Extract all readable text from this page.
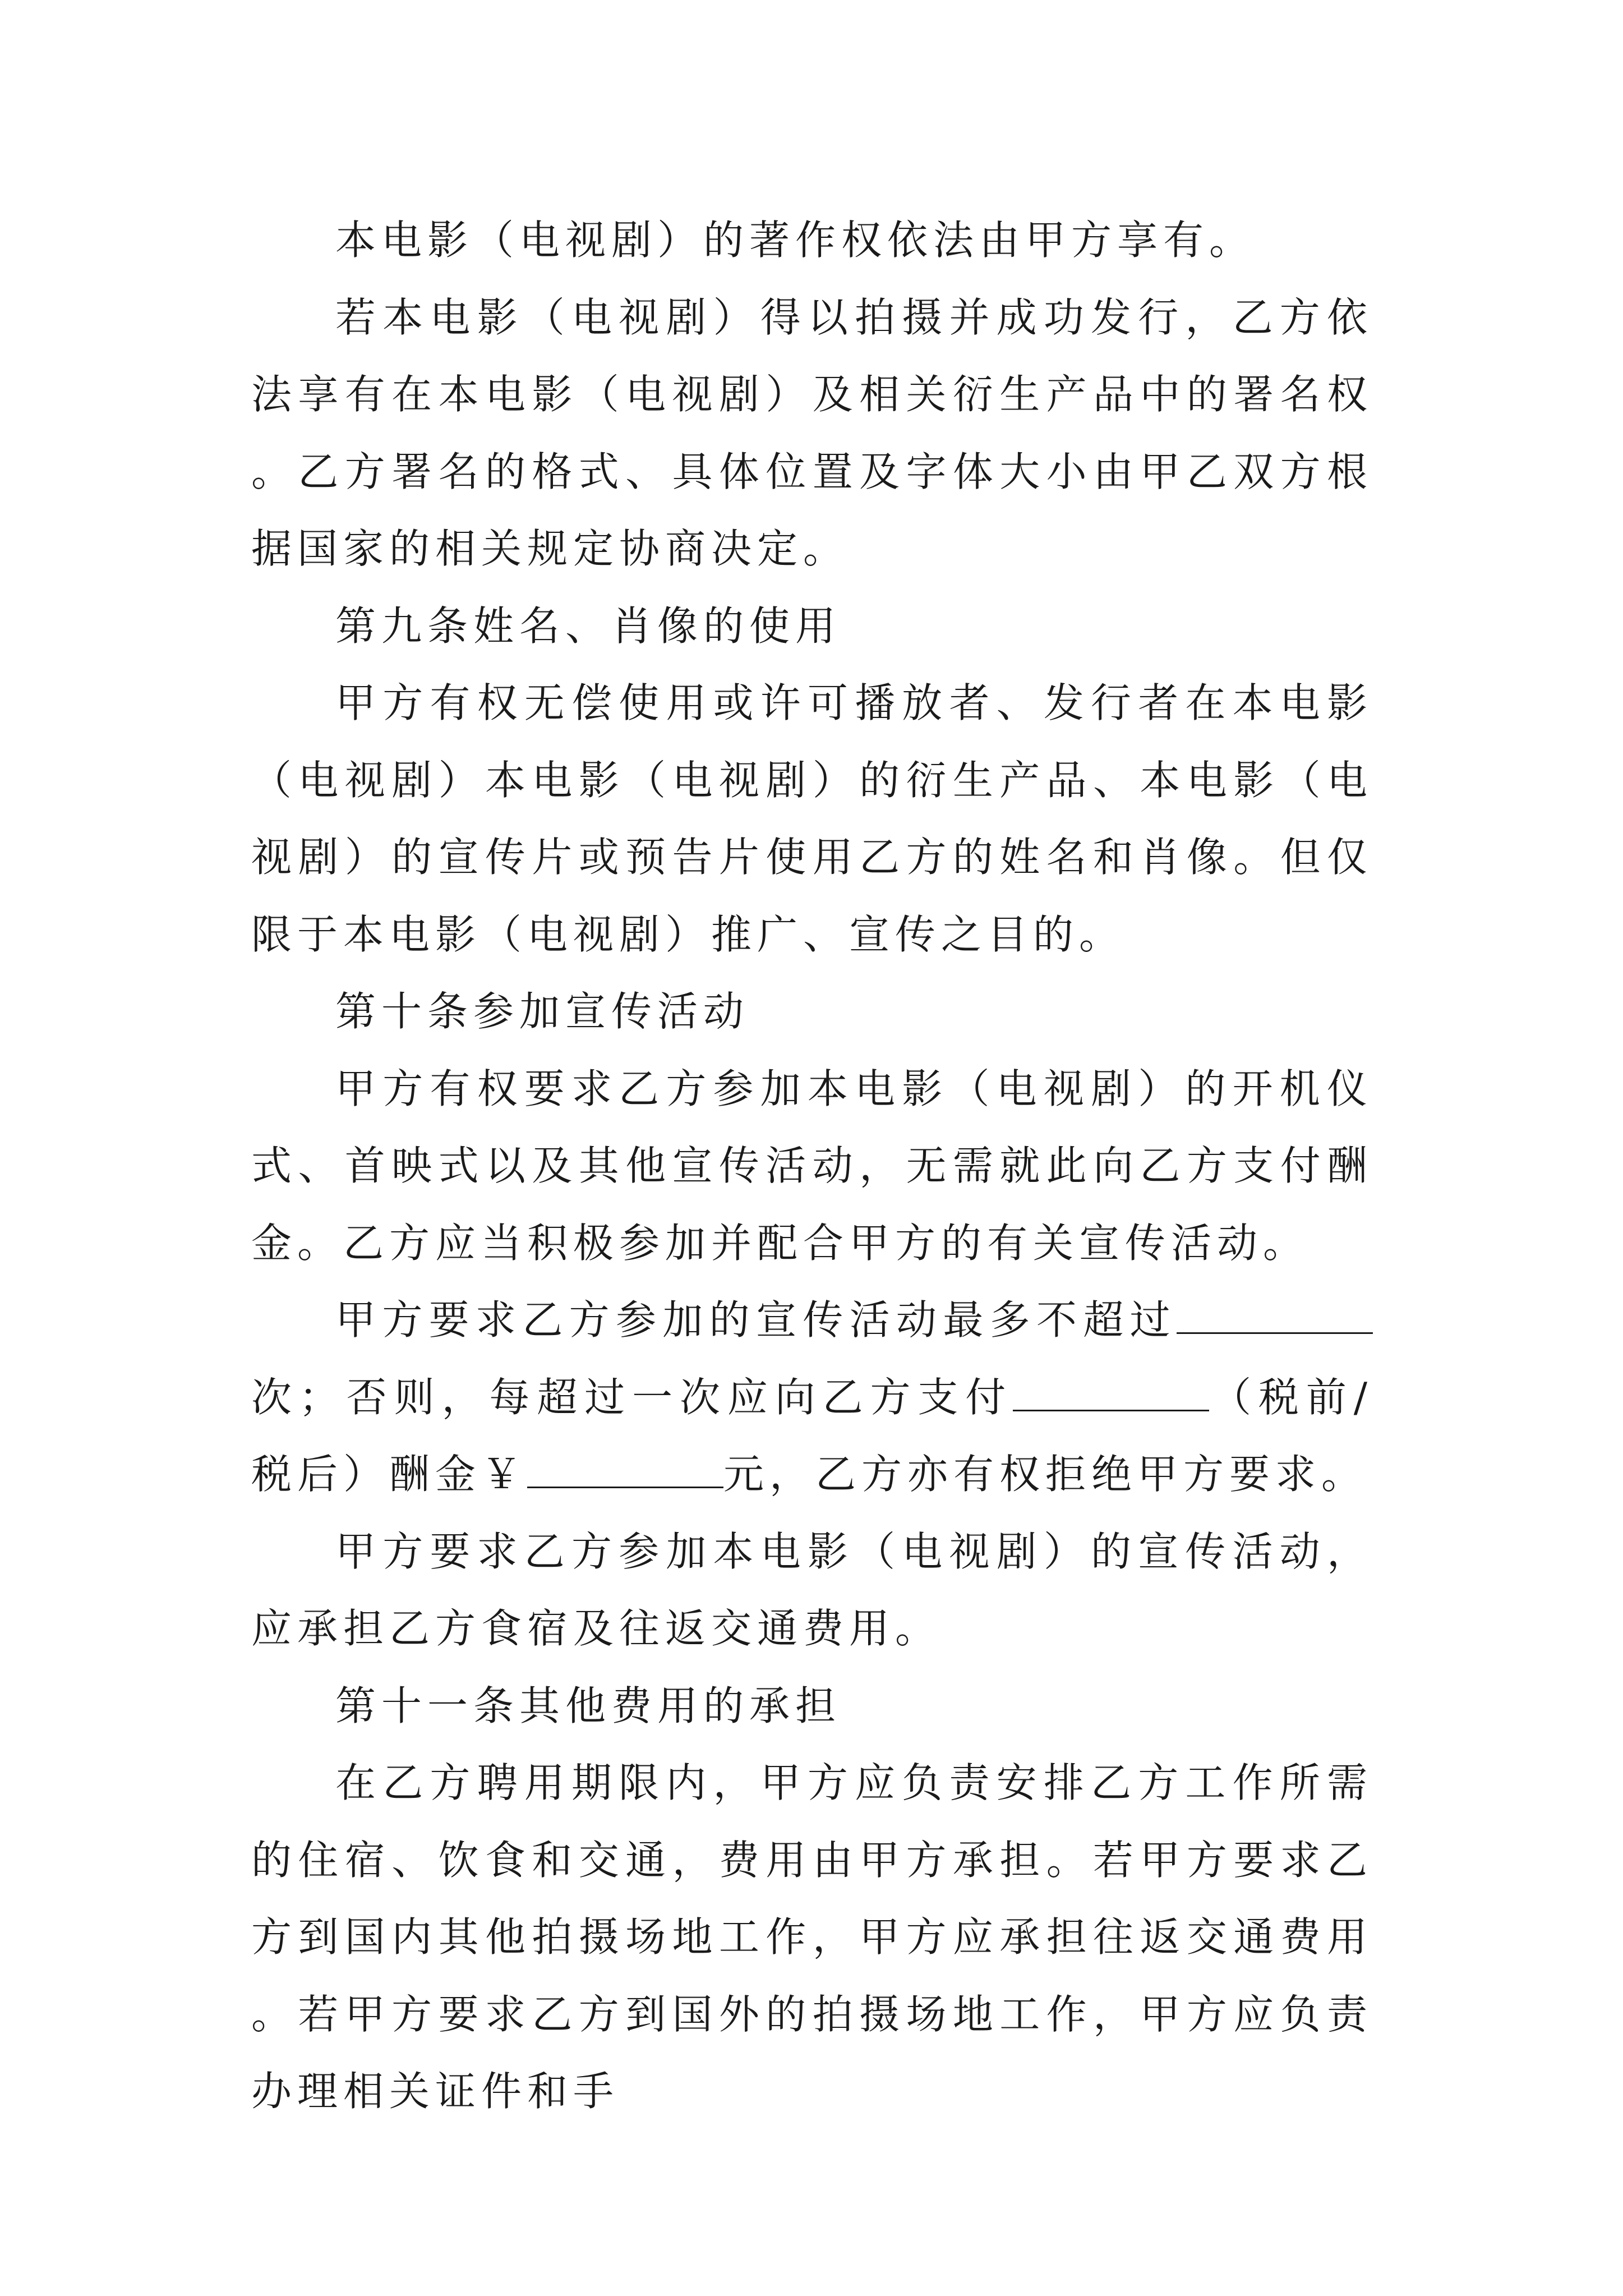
本电影（电视剧）的著作权依法由甲方享有。

若本电影（电视剧）得以拍摄并成功发行，乙方依法享有在本电影（电视剧）及相关衍生产品中的署名权。乙方署名的格式、具体位置及字体大小由甲乙双方根据国家的相关规定协商决定。

第九条姓名、肖像的使用

甲方有权无偿使用或许可播放者、发行者在本电影（电视剧）本电影（电视剧）的衍生产品、本电影（电视剧）的宣传片或预告片使用乙方的姓名和肖像。但仅限于本电影（电视剧）推广、宣传之目的。

第十条参加宣传活动

甲方有权要求乙方参加本电影（电视剧）的开机仪式、首映式以及其他宣传活动，无需就此向乙方支付酬金。乙方应当积极参加并配合甲方的有关宣传活动。

甲方要求乙方参加的宣传活动最多不超过次；否则，每超过一次应向乙方支付	（税前/税后）酬金￥	元，乙方亦有权拒绝甲方要求。

甲方要求乙方参加本电影（电视剧）的宣传活动，应承担乙方食宿及往返交通费用。

第十一条其他费用的承担

在乙方聘用期限内，甲方应负责安排乙方工作所需的住宿、饮食和交通，费用由甲方承担。若甲方要求乙方到国内其他拍摄场地工作，甲方应承担往返交通费用。若甲方要求乙方到国外的拍摄场地工作，甲方应负责办理相关证件和手
